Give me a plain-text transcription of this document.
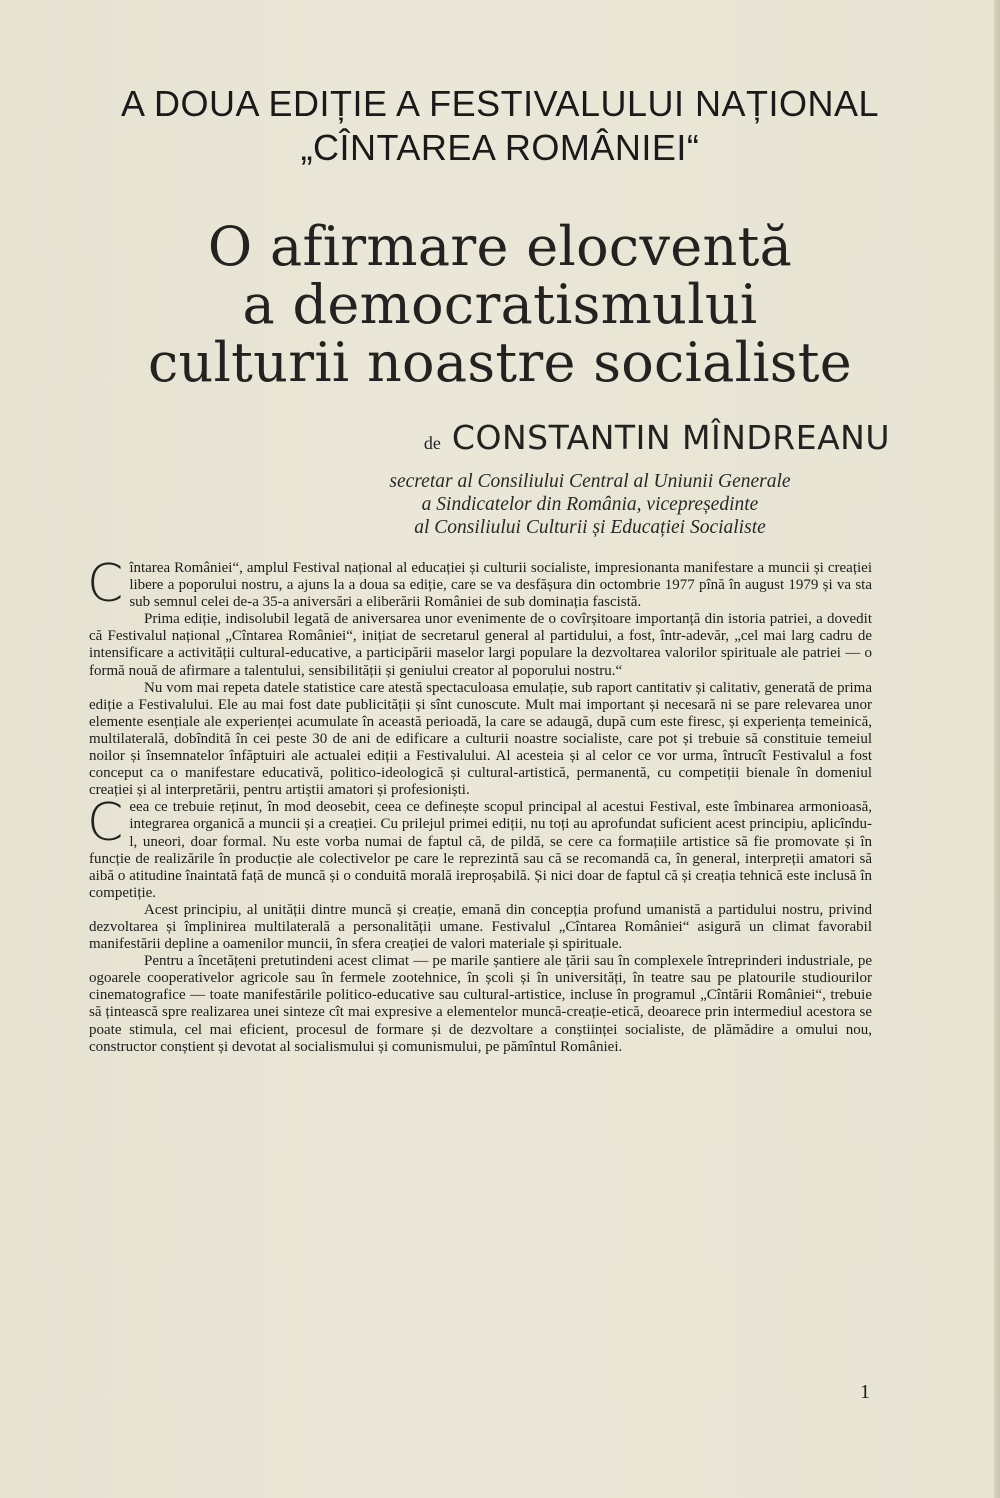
A DOUA EDIȚIE A FESTIVALULUI NAȚIONAL
„CÎNTAREA ROMÂNIEI“
O afirmare elocventă
a democratismului
culturii noastre socialiste
de CONSTANTIN MÎNDREANU
secretar al Consiliului Central al Uniunii Generale
a Sindicatelor din România, vicepreședinte
al Consiliului Culturii și Educației Socialiste

Cîntarea României“, amplul Festival național al educației și culturii socialiste, impresionanta manifestare a muncii și creației libere a poporului nostru, a ajuns la a doua sa ediție, care se va desfășura din octombrie 1977 pînă în august 1979 și va sta sub semnul celei de-a 35-a aniversări a eliberării României de sub dominația fascistă.

Prima ediție, indisolubil legată de aniversarea unor evenimente de o covîrșitoare importanță din istoria patriei, a dovedit că Festivalul național „Cîntarea României“, inițiat de secretarul general al partidului, a fost, într-adevăr, „cel mai larg cadru de intensificare a activității cultural-educative, a participării maselor largi populare la dezvoltarea valorilor spirituale ale patriei — o formă nouă de afirmare a talentului, sensibilității și geniului creator al poporului nostru.“

Nu vom mai repeta datele statistice care atestă spectaculoasa emulație, sub raport cantitativ și calitativ, generată de prima ediție a Festivalului. Ele au mai fost date publicității și sînt cunoscute. Mult mai important și necesară ni se pare relevarea unor elemente esențiale ale experienței acumulate în această perioadă, la care se adaugă, după cum este firesc, și experiența temeinică, multilaterală, dobîndită în cei peste 30 de ani de edificare a culturii noastre socialiste, care pot și trebuie să constituie temeiul noilor și însemnatelor înfăptuiri ale actualei ediții a Festivalului. Al acesteia și al celor ce vor urma, întrucît Festivalul a fost conceput ca o manifestare educativă, politico-ideologică și cultural-artistică, permanentă, cu competiții bienale în domeniul creației și al interpretării, pentru artiștii amatori și profesioniști.

Ceea ce trebuie reținut, în mod deosebit, ceea ce definește scopul principal al acestui Festival, este îmbinarea armonioasă, integrarea organică a muncii și a creației. Cu prilejul primei ediții, nu toți au aprofundat suficient acest principiu, aplicîndu-l, uneori, doar formal. Nu este vorba numai de faptul că, de pildă, se cere ca formațiile artistice să fie promovate și în funcție de realizările în producție ale colectivelor pe care le reprezintă sau că se recomandă ca, în general, interpreții amatori să aibă o atitudine înaintată față de muncă și o conduită morală ireproșabilă. Și nici doar de faptul că și creația tehnică este inclusă în competiție.

Acest principiu, al unității dintre muncă și creație, emană din concepția profund umanistă a partidului nostru, privind dezvoltarea și împlinirea multilaterală a personalității umane. Festivalul „Cîntarea României“ asigură un climat favorabil manifestării depline a oamenilor muncii, în sfera creației de valori materiale și spirituale.

Pentru a încetățeni pretutindeni acest climat — pe marile șantiere ale țării sau în complexele întreprinderi industriale, pe ogoarele cooperativelor agricole sau în fermele zootehnice, în școli și în universități, în teatre sau pe platourile studiourilor cinematografice — toate manifestările politico-educative sau cultural-artistice, incluse în programul „Cîntării României“, trebuie să țintească spre realizarea unei sinteze cît mai expresive a elementelor muncă-creație-etică, deoarece prin intermediul acestora se poate stimula, cel mai eficient, procesul de formare și de dezvoltare a conștiinței socialiste, de plămădire a omului nou, constructor conștient și devotat al socialismului și comunismului, pe pămîntul României.

1
